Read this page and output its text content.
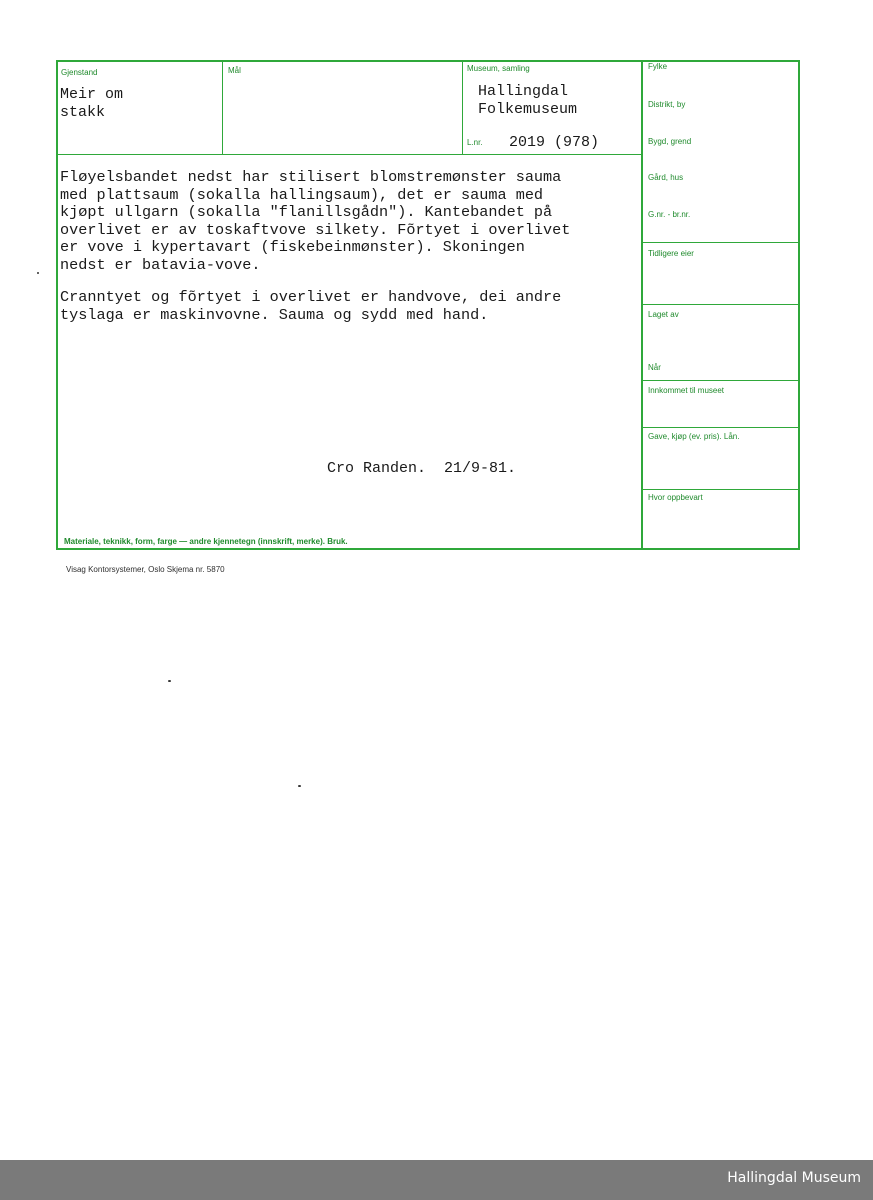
Gjenstand	Mål	Museum, samling
L.nr.
Meir om
stakk
Hallingdal
Folkemuseum
2019 (978)
Fylke
Distrikt, by
Bygd, grend
Gård, hus
G.nr. - br.nr.
Tidligere eier
Laget av
Når
Innkommet til museet
Gave, kjøp (ev. pris). Lån.
Hvor oppbevart
Fløyelsbandet nedst har stilisert blomstremønster sauma
med plattsaum (sokalla hallingsaum), det er sauma med
kjøpt ullgarn (sokalla "flanillsgådn"). Kantebandet på
overlivet er av toskaftvove silkety. Fõrtyet i overlivet
er vove i kypertavart (fiskebeinmønster). Skoningen
nedst er batavia-vove.
Cranntyet og fõrtyet i overlivet er handvove, dei andre
tyslaga er maskinvovne. Sauma og sydd med hand.
Cro Randen.  21/9-81.
Materiale, teknikk, form, farge — andre kjennetegn (innskrift, merke). Bruk.
Visag Kontorsystemer, Oslo Skjema nr. 5870
Hallingdal Museum
